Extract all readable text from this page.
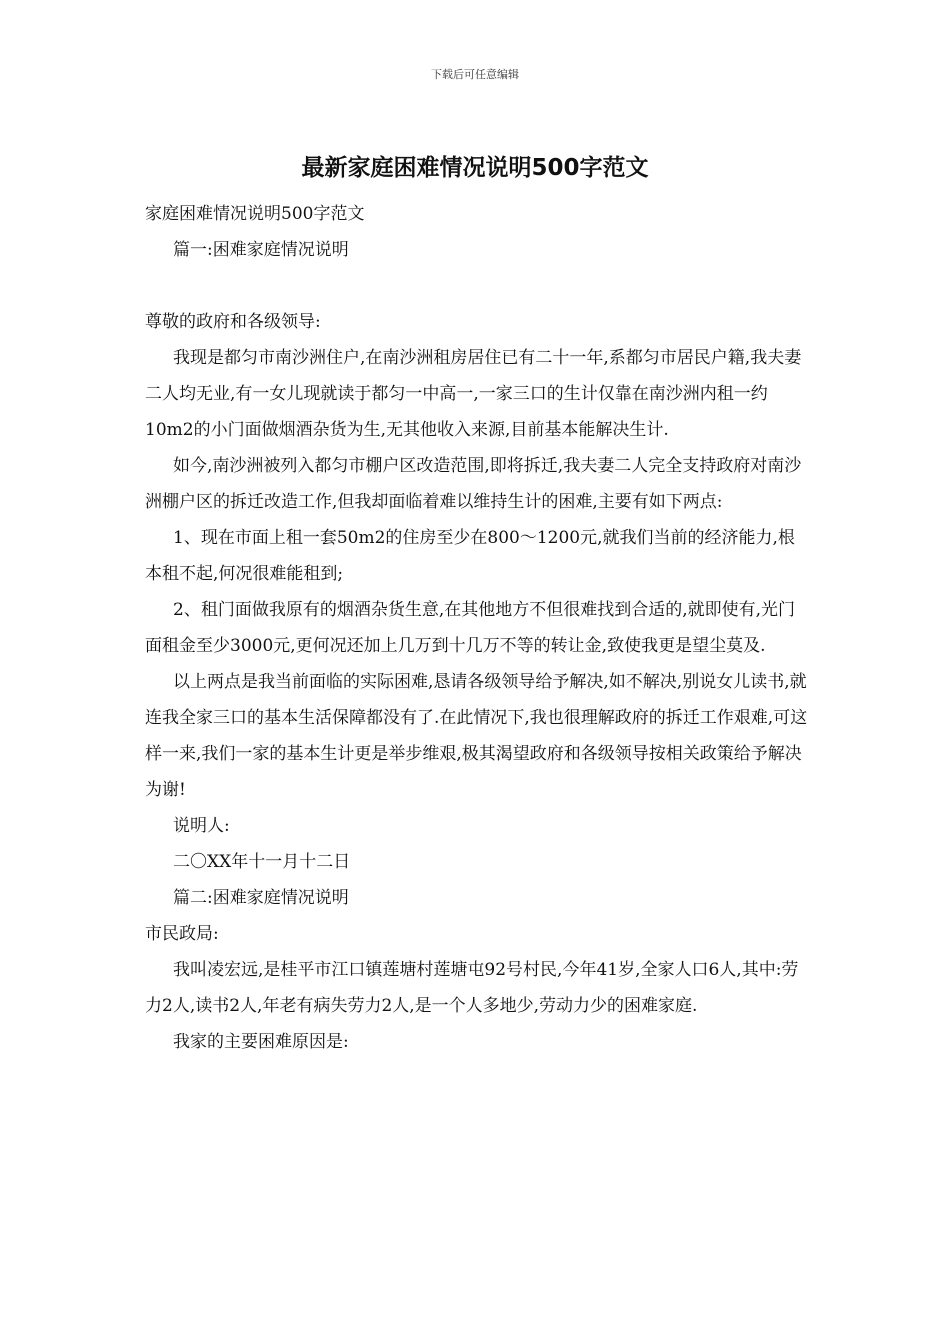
下载后可任意编辑
最新家庭困难情况说明500字范文

家庭困难情况说明500字范文

篇一:困难家庭情况说明

尊敬的政府和各级领导:

我现是都匀市南沙洲住户,在南沙洲租房居住已有二十一年,系都匀市居民户籍,我夫妻二人均无业,有一女儿现就读于都匀一中高一,一家三口的生计仅靠在南沙洲内租一约10m2的小门面做烟酒杂货为生,无其他收入来源,目前基本能解决生计.

如今,南沙洲被列入都匀市棚户区改造范围,即将拆迁,我夫妻二人完全支持政府对南沙洲棚户区的拆迁改造工作,但我却面临着难以维持生计的困难,主要有如下两点:

1、现在市面上租一套50m2的住房至少在800～1200元,就我们当前的经济能力,根本租不起,何况很难能租到;

2、租门面做我原有的烟酒杂货生意,在其他地方不但很难找到合适的,就即使有,光门面租金至少3000元,更何况还加上几万到十几万不等的转让金,致使我更是望尘莫及.

以上两点是我当前面临的实际困难,恳请各级领导给予解决,如不解决,别说女儿读书,就连我全家三口的基本生活保障都没有了.在此情况下,我也很理解政府的拆迁工作艰难,可这样一来,我们一家的基本生计更是举步维艰,极其渴望政府和各级领导按相关政策给予解决为谢!

说明人:

二〇XX年十一月十二日

篇二:困难家庭情况说明

市民政局:

我叫凌宏远,是桂平市江口镇莲塘村莲塘屯92号村民,今年41岁,全家人口6人,其中:劳力2人,读书2人,年老有病失劳力2人,是一个人多地少,劳动力少的困难家庭.

我家的主要困难原因是:
